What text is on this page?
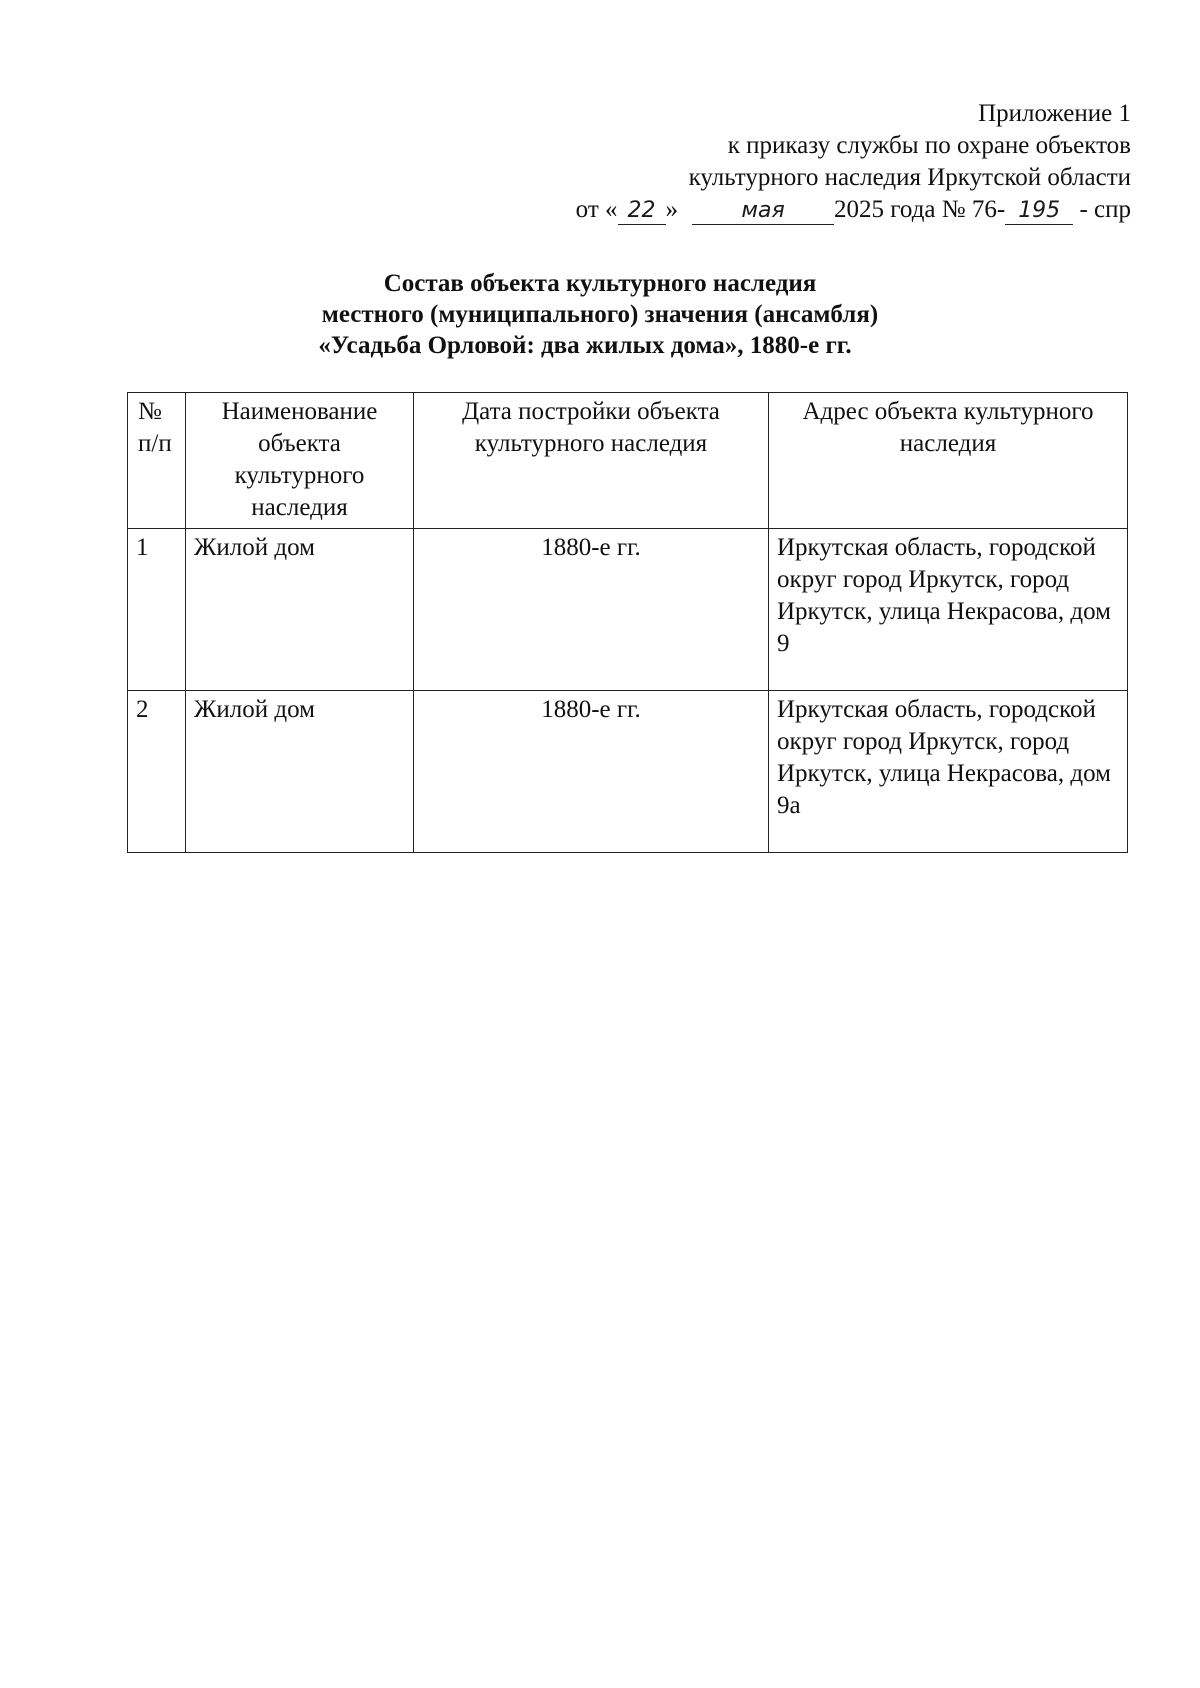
Приложение 1
к приказу службы по охране объектов
культурного наследия Иркутской области
от « 22 »	мая 2025 года № 76- 195 - спр
Состав объекта культурного наследия
местного (муниципального) значения (ансамбля)
«Усадьба Орловой: два жилых дома», 1880-е гг.
№ п/п	Наименование объекта культурного наследия	Дата постройки объекта культурного наследия	Адрес объекта культурного наследия
1	Жилой дом	1880-е гг.	Иркутская область, городской округ город Иркутск, город Иркутск, улица Некрасова, дом 9
2	Жилой дом	1880-е гг.	Иркутская область, городской округ город Иркутск, город Иркутск, улица Некрасова, дом 9а
